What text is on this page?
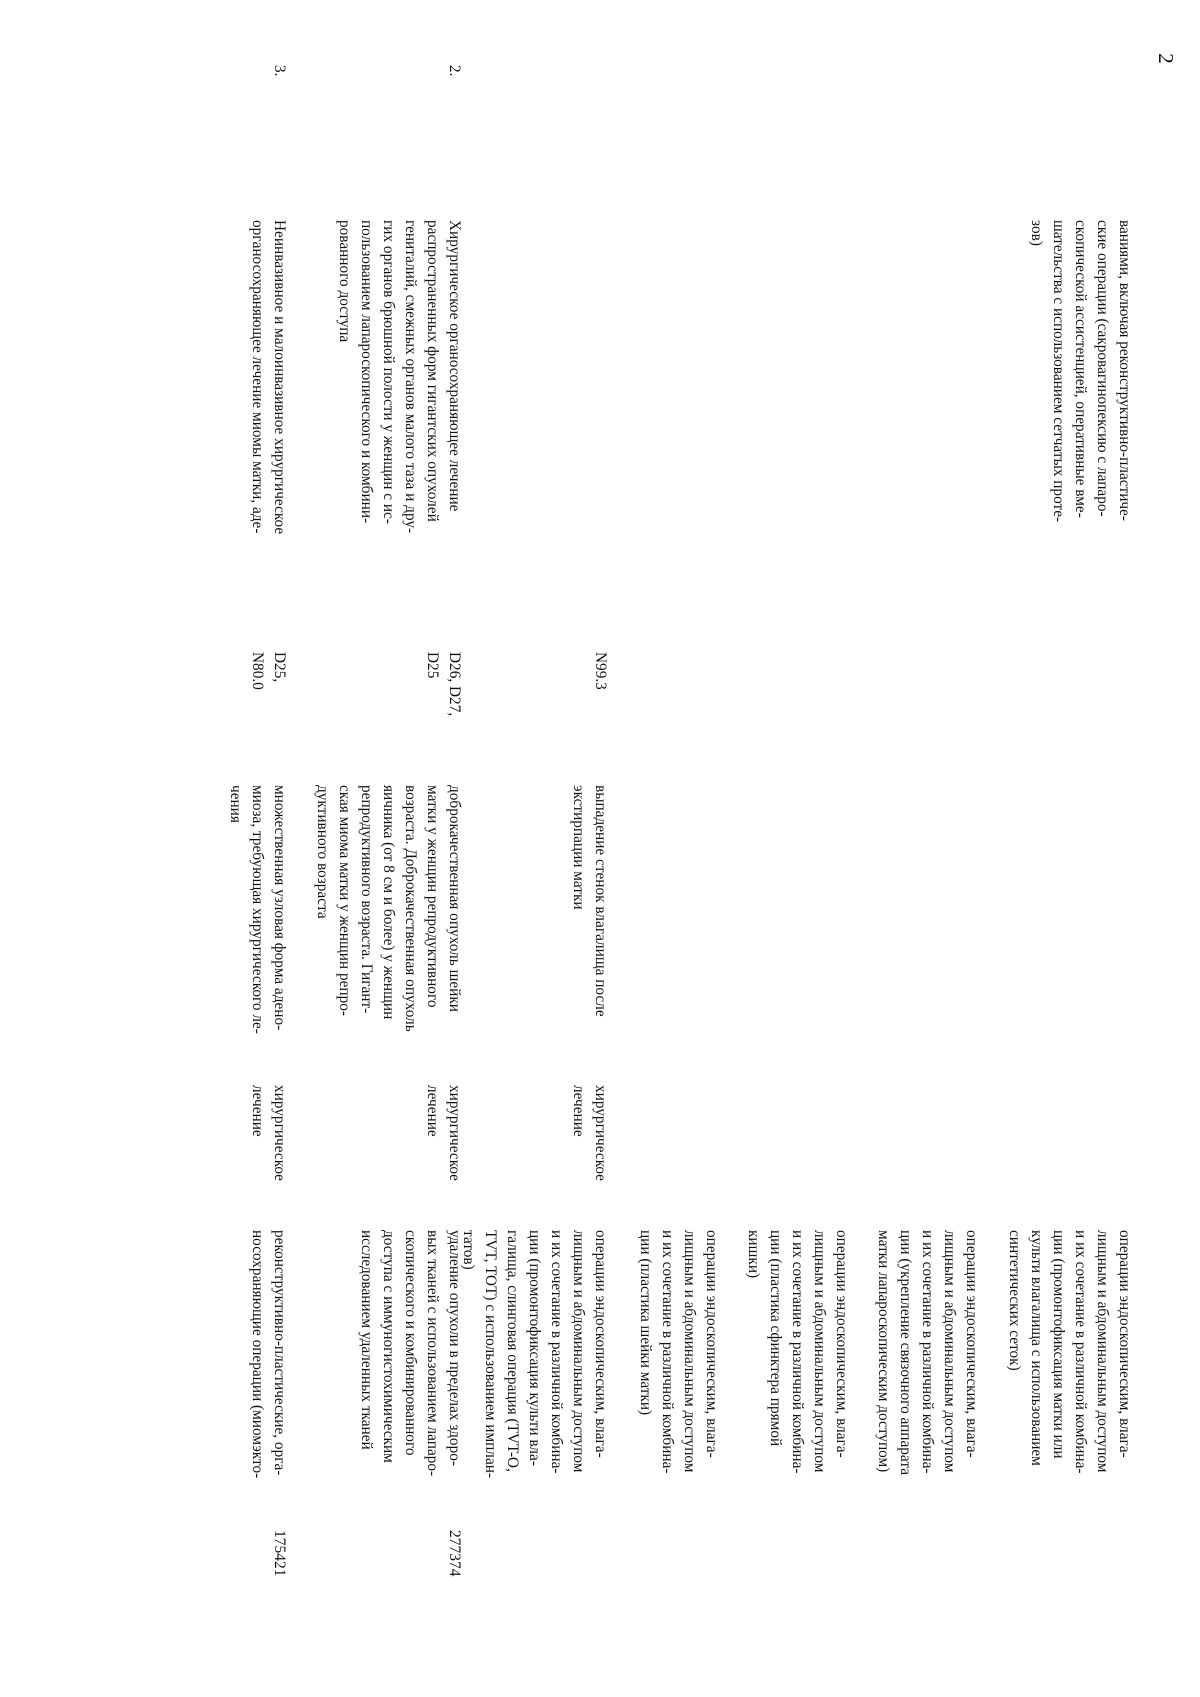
2
ваниями, включая реконструктивно-пластиче-
ские операции (сакровагинопексию с лапаро-
скопической ассистенцией, оперативные вме-
шательства с использованием сетчатых проте-
зов)
операции эндоскопическим, влага-
лищным и абдоминальным доступом
и их сочетание в различной комбина-
ции (промонтофиксация матки или
культи влагалища с использованием
синтетических сеток)
операции эндоскопическим, влага-
лищным и абдоминальным доступом
и их сочетание в различной комбина-
ции (укрепление связочного аппарата
матки лапароскопическим доступом)
операции эндоскопическим, влага-
лищным и абдоминальным доступом
и их сочетание в различной комбина-
ции (пластика сфинктера прямой
кишки)
операции эндоскопическим, влага-
лищным и абдоминальным доступом
и их сочетание в различной комбина-
ции (пластика шейки матки)
N99.3
выпадение стенок влагалища после
экстирпации матки
хирургическое
лечение
операции эндоскопическим, влага-
лищным и абдоминальным доступом
и их сочетание в различной комбина-
ции (промонтофиксация культи вла-
галища, слинговая операция (TVT-O,
TVT, TOT) с использованием имплан-
татов)
2.
Хирургическое органосохраняющее лечение
распространенных форм гигантских опухолей
гениталий, смежных органов малого таза и дру-
гих органов брюшной полости у женщин с ис-
пользованием лапароскопического и комбини-
рованного доступа
D26, D27,
D25
доброкачественная опухоль шейки
матки у женщин репродуктивного
возраста. Доброкачественная опухоль
яичника (от 8 см и более) у женщин
репродуктивного возраста. Гигант-
ская миома матки у женщин репро-
дуктивного возраста
хирургическое
лечение
удаление опухоли в пределах здоро-
вых тканей с использованием лапаро-
скопического и комбинированного
доступа с иммуногистохимическим
исследованием удаленных тканей
277374
3.
Неинвазивное и малоинвазивное хирургическое
органосохраняющее лечение миомы матки, аде-
D25,
N80.0
множественная узловая форма адено-
миоза, требующая хирургического ле-
чения
хирургическое
лечение
реконструктивно-пластические, орга-
носохраняющие операции (миомэкто-
175421
